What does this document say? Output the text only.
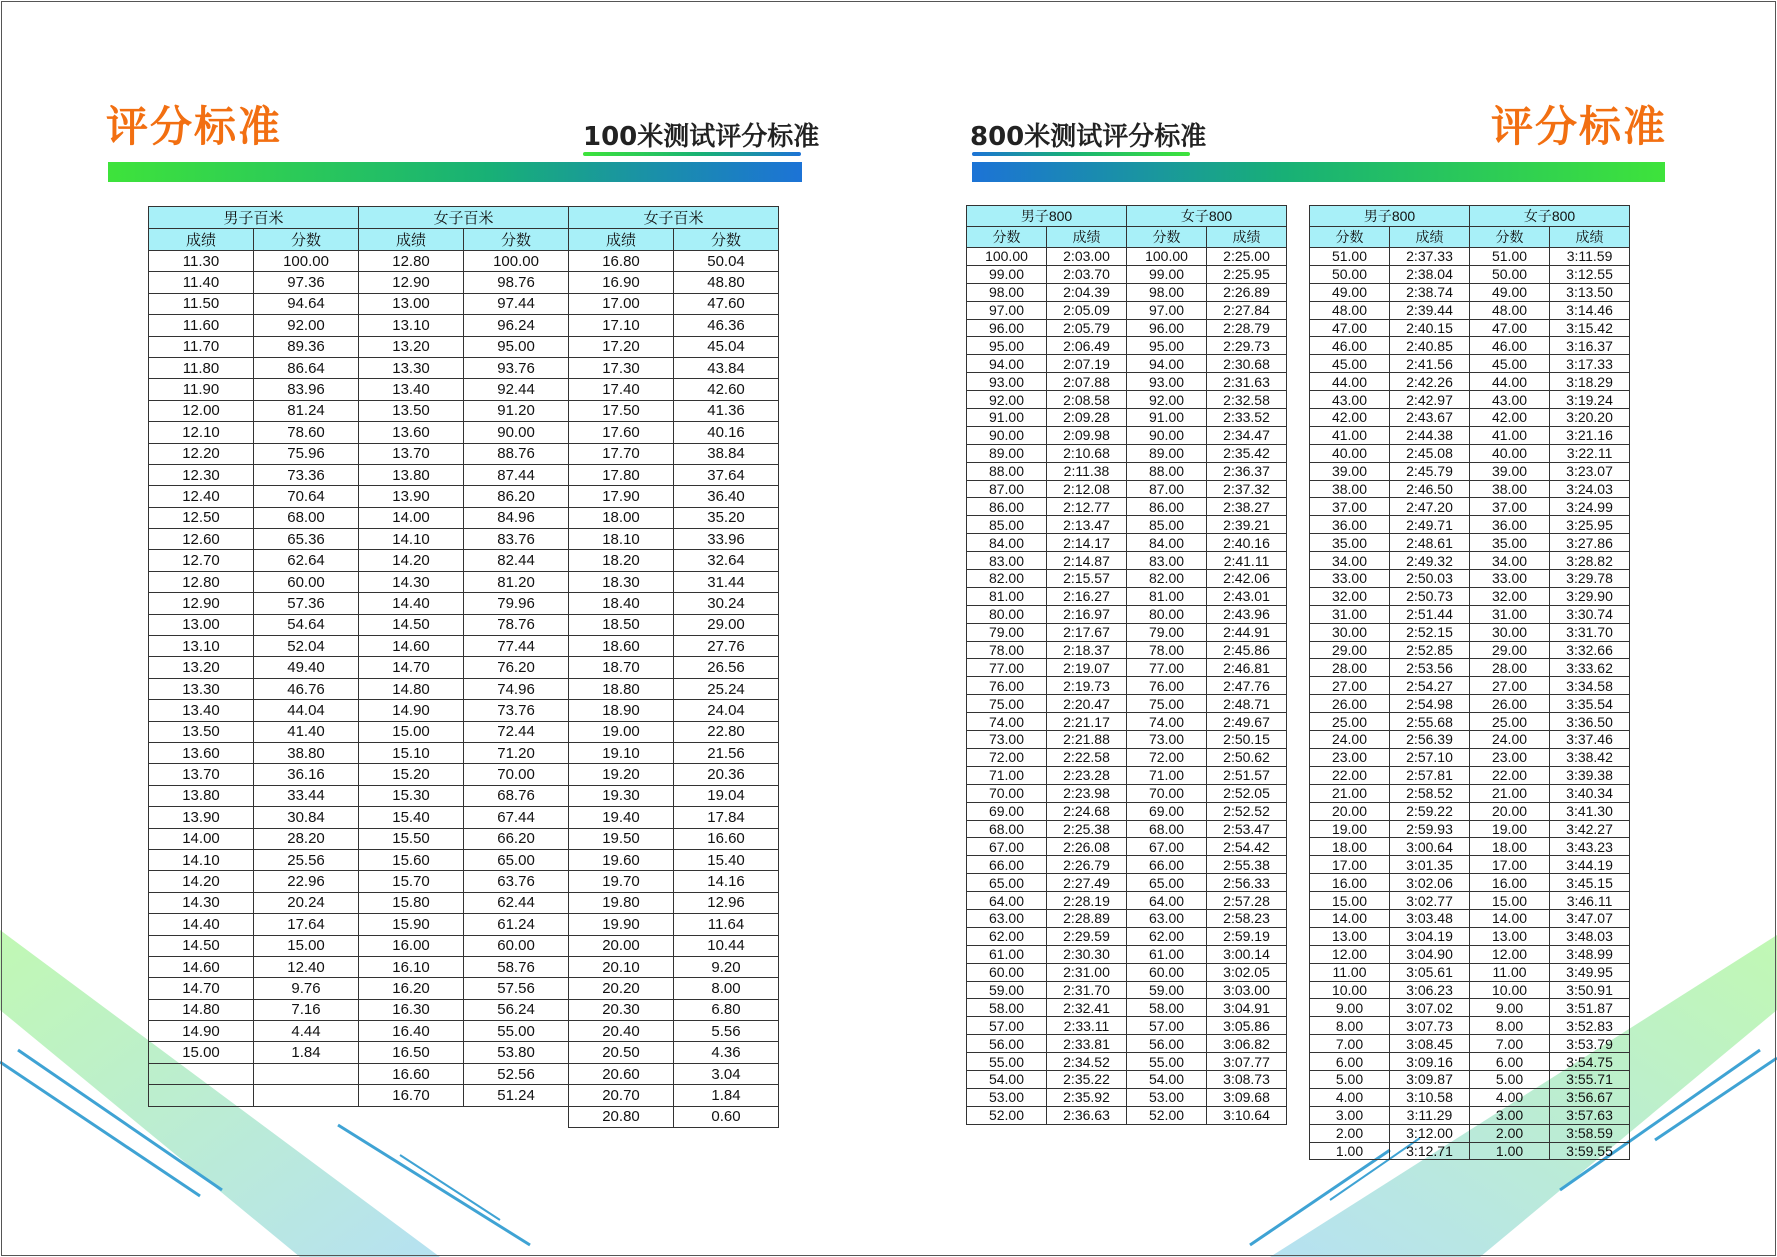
评分标准	100米测试评分标准	评分标准
800米测试评分标准
男子百米		女子百米	
成绩	分数	成绩	分数
11.30	100.00	12.80	100.00
11.40	97.36	12.90	98.76
11.50	94.64	13.00	97.44
11.60	92.00	13.10	96.24
11.70	89.36	13.20	95.00
11.80	86.64	13.30	93.76
11.90	83.96	13.40	92.44
12.00	81.24	13.50	91.20
12.10	78.60	13.60	90.00
12.20	75.96	13.70	88.76
12.30	73.36	13.80	87.44
12.40	70.64	13.90	86.20
12.50	68.00	14.00	84.96
12.60	65.36	14.10	83.76
12.70	62.64	14.20	82.44
12.80	60.00	14.30	81.20
12.90	57.36	14.40	79.96
13.00	54.64	14.50	78.76
13.10	52.04	14.60	77.44
13.20	49.40	14.70	76.20
13.30	46.76	14.80	74.96
13.40	44.04	14.90	73.76
13.50	41.40	15.00	72.44
13.60	38.80	15.10	71.20
13.70	36.16	15.20	70.00
13.80	33.44	15.30	68.76
13.90	30.84	15.40	67.44
14.00	28.20	15.50	66.20
14.10	25.56	15.60	65.00
14.20	22.96	15.70	63.76
14.30	20.24	15.80	62.44
14.40	17.64	15.90	61.24
14.50	15.00	16.00	60.00
14.60	12.40	16.10	58.76
14.70	9.76	16.20	57.56
14.80	7.16	16.30	56.24
14.90	4.44	16.40	55.00
15.00	1.84	16.50	53.80
		16.60	52.56
		16.70	51.24
女子百米	
成绩	分数
16.80	50.04
16.90	48.80
17.00	47.60
17.10	46.36
17.20	45.04
17.30	43.84
17.40	42.60
17.50	41.36
17.60	40.16
17.70	38.84
17.80	37.64
17.90	36.40
18.00	35.20
18.10	33.96
18.20	32.64
18.30	31.44
18.40	30.24
18.50	29.00
18.60	27.76
18.70	26.56
18.80	25.24
18.90	24.04
19.00	22.80
19.10	21.56
19.20	20.36
19.30	19.04
19.40	17.84
19.50	16.60
19.60	15.40
19.70	14.16
19.80	12.96
19.90	11.64
20.00	10.44
20.10	9.20
20.20	8.00
20.30	6.80
20.40	5.56
20.50	4.36
20.60	3.04
20.70	1.84
20.80	0.60
男子800		女子800	
分数	成绩	分数	成绩
100.00	2:03.00	100.00	2:25.00
99.00	2:03.70	99.00	2:25.95
98.00	2:04.39	98.00	2:26.89
97.00	2:05.09	97.00	2:27.84
96.00	2:05.79	96.00	2:28.79
95.00	2:06.49	95.00	2:29.73
94.00	2:07.19	94.00	2:30.68
93.00	2:07.88	93.00	2:31.63
92.00	2:08.58	92.00	2:32.58
91.00	2:09.28	91.00	2:33.52
90.00	2:09.98	90.00	2:34.47
89.00	2:10.68	89.00	2:35.42
88.00	2:11.38	88.00	2:36.37
87.00	2:12.08	87.00	2:37.32
86.00	2:12.77	86.00	2:38.27
85.00	2:13.47	85.00	2:39.21
84.00	2:14.17	84.00	2:40.16
83.00	2:14.87	83.00	2:41.11
82.00	2:15.57	82.00	2:42.06
81.00	2:16.27	81.00	2:43.01
80.00	2:16.97	80.00	2:43.96
79.00	2:17.67	79.00	2:44.91
78.00	2:18.37	78.00	2:45.86
77.00	2:19.07	77.00	2:46.81
76.00	2:19.73	76.00	2:47.76
75.00	2:20.47	75.00	2:48.71
74.00	2:21.17	74.00	2:49.67
73.00	2:21.88	73.00	2:50.15
72.00	2:22.58	72.00	2:50.62
71.00	2:23.28	71.00	2:51.57
70.00	2:23.98	70.00	2:52.05
69.00	2:24.68	69.00	2:52.52
68.00	2:25.38	68.00	2:53.47
67.00	2:26.08	67.00	2:54.42
66.00	2:26.79	66.00	2:55.38
65.00	2:27.49	65.00	2:56.33
64.00	2:28.19	64.00	2:57.28
63.00	2:28.89	63.00	2:58.23
62.00	2:29.59	62.00	2:59.19
61.00	2:30.30	61.00	3:00.14
60.00	2:31.00	60.00	3:02.05
59.00	2:31.70	59.00	3:03.00
58.00	2:32.41	58.00	3:04.91
57.00	2:33.11	57.00	3:05.86
56.00	2:33.81	56.00	3:06.82
55.00	2:34.52	55.00	3:07.77
54.00	2:35.22	54.00	3:08.73
53.00	2:35.92	53.00	3:09.68
52.00	2:36.63	52.00	3:10.64
男子800		女子800	
分数	成绩	分数	成绩
51.00	2:37.33	51.00	3:11.59
50.00	2:38.04	50.00	3:12.55
49.00	2:38.74	49.00	3:13.50
48.00	2:39.44	48.00	3:14.46
47.00	2:40.15	47.00	3:15.42
46.00	2:40.85	46.00	3:16.37
45.00	2:41.56	45.00	3:17.33
44.00	2:42.26	44.00	3:18.29
43.00	2:42.97	43.00	3:19.24
42.00	2:43.67	42.00	3:20.20
41.00	2:44.38	41.00	3:21.16
40.00	2:45.08	40.00	3:22.11
39.00	2:45.79	39.00	3:23.07
38.00	2:46.50	38.00	3:24.03
37.00	2:47.20	37.00	3:24.99
36.00	2:49.71	36.00	3:25.95
35.00	2:48.61	35.00	3:27.86
34.00	2:49.32	34.00	3:28.82
33.00	2:50.03	33.00	3:29.78
32.00	2:50.73	32.00	3:29.90
31.00	2:51.44	31.00	3:30.74
30.00	2:52.15	30.00	3:31.70
29.00	2:52.85	29.00	3:32.66
28.00	2:53.56	28.00	3:33.62
27.00	2:54.27	27.00	3:34.58
26.00	2:54.98	26.00	3:35.54
25.00	2:55.68	25.00	3:36.50
24.00	2:56.39	24.00	3:37.46
23.00	2:57.10	23.00	3:38.42
22.00	2:57.81	22.00	3:39.38
21.00	2:58.52	21.00	3:40.34
20.00	2:59.22	20.00	3:41.30
19.00	2:59.93	19.00	3:42.27
18.00	3:00.64	18.00	3:43.23
17.00	3:01.35	17.00	3:44.19
16.00	3:02.06	16.00	3:45.15
15.00	3:02.77	15.00	3:46.11
14.00	3:03.48	14.00	3:47.07
13.00	3:04.19	13.00	3:48.03
12.00	3:04.90	12.00	3:48.99
11.00	3:05.61	11.00	3:49.95
10.00	3:06.23	10.00	3:50.91
9.00	3:07.02	9.00	3:51.87
8.00	3:07.73	8.00	3:52.83
7.00	3:08.45	7.00	3:53.79
6.00	3:09.16	6.00	3:54.75
5.00	3:09.87	5.00	3:55.71
4.00	3:10.58	4.00	3:56.67
3.00	3:11.29	3.00	3:57.63
2.00	3:12.00	2.00	3:58.59
1.00	3:12.71	1.00	3:59.55
